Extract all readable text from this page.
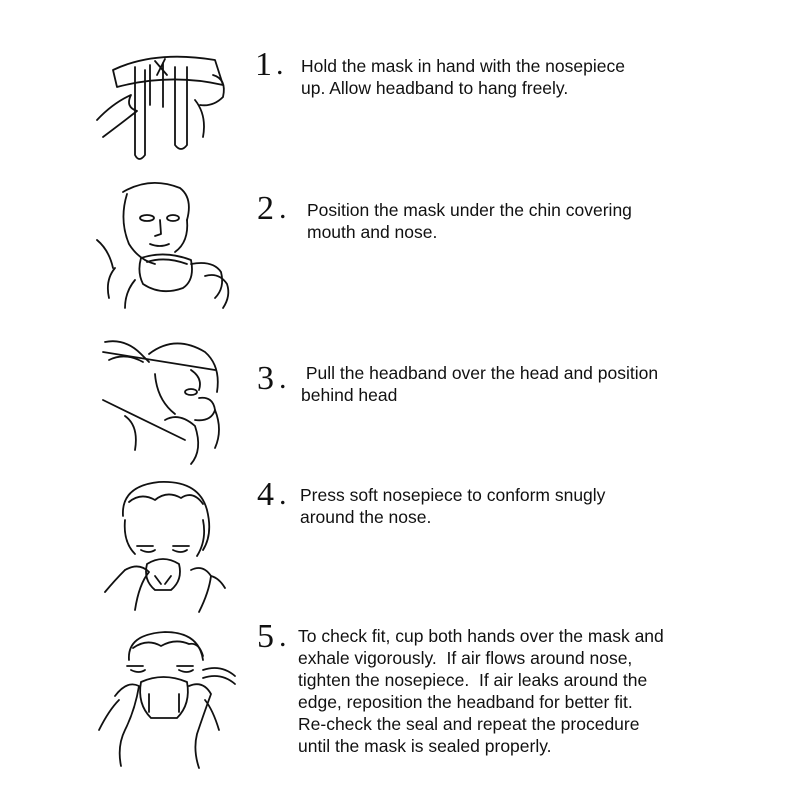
1 . Hold the mask in hand with the nosepiece
up. Allow headband to hang freely.
2 . Position the mask under the chin covering
mouth and nose.
3 . Pull the headband over the head and position
behind head
4 . Press soft nosepiece to conform snugly
around the nose.
5 . To check fit, cup both hands over the mask and
exhale vigorously.  If air flows around nose,
tighten the nosepiece.  If air leaks around the
edge, reposition the headband for better fit.
Re-check the seal and repeat the procedure
until the mask is sealed properly.
